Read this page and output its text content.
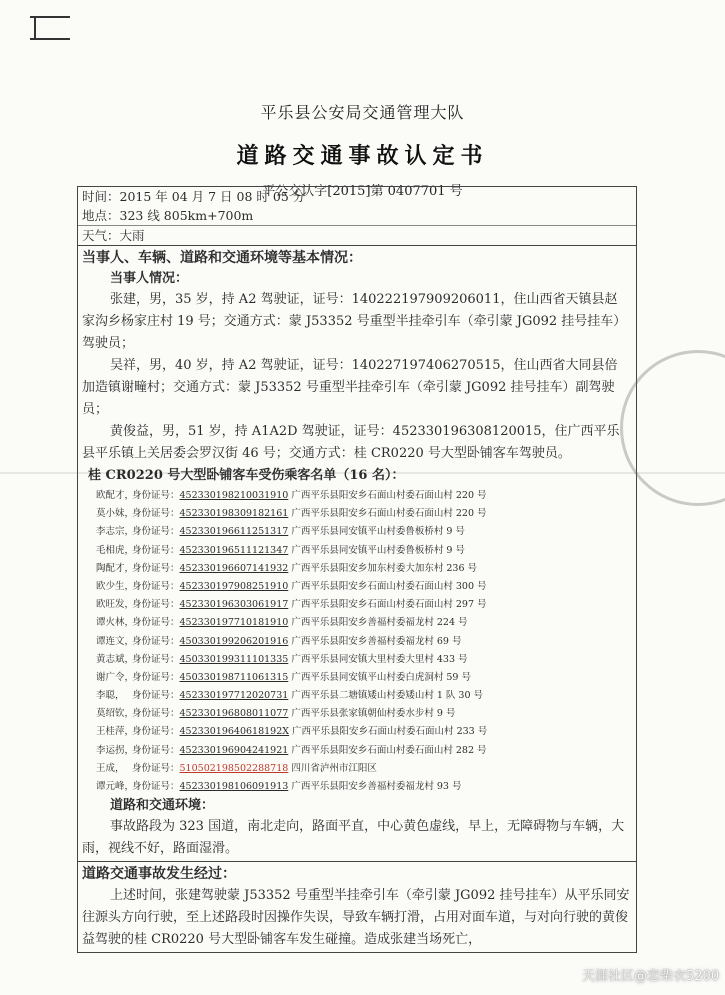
平乐县公安局交通管理大队
道路交通事故认定书
平公交认字[2015]第 0407701 号
时间：2015 年 04 月 7 日 08 时 05 分
地点：323 线 805km+700m
天气：大雨
当事人、车辆、道路和交通环境等基本情况：
当事人情况：
张建，男，35 岁，持 A2 驾驶证，证号：140222197909206011，住山西省天镇县赵家沟乡杨家庄村 19 号；交通方式：蒙 J53352 号重型半挂牵引车（牵引蒙 JG092 挂号挂车）驾驶员；
吴祥，男，40 岁，持 A2 驾驶证，证号：140227197406270515，住山西省大同县倍加造镇谢疃村；交通方式：蒙 J53352 号重型半挂牵引车（牵引蒙 JG092 挂号挂车）副驾驶员；
黄俊益，男，51 岁，持 A1A2D 驾驶证，证号：452330196308120015，住广西平乐县平乐镇上关居委会罗汉街 46 号；交通方式：桂 CR0220 号大型卧铺客车驾驶员。
桂 CR0220 号大型卧铺客车受伤乘客名单（16 名）：
欧配才，身份证号：452330198210031910 广西平乐县阳安乡石面山村委石面山村 220 号
莫小妹，身份证号：452330198309182161 广西平乐县阳安乡石面山村委石面山村 220 号
李志宗，身份证号：452330196611251317 广西平乐县同安镇平山村委鲁板桥村 9 号
毛相虎，身份证号：452330196511121347 广西平乐县同安镇平山村委鲁板桥村 9 号
陶配才，身份证号：452330196607141932 广西平乐县阳安乡加东村委大加东村 236 号
欧少生，身份证号：452330197908251910 广西平乐县阳安乡石面山村委石面山村 300 号
欧旺发，身份证号：452330196303061917 广西平乐县阳安乡石面山村委石面山村 297 号
谭火林，身份证号：452330197710181910 广西平乐县阳安乡善福村委福龙村 224 号
谭连文，身份证号：450330199206201916 广西平乐县阳安乡善福村委福龙村 69 号
黄志斌，身份证号：450330199311101335 广西平乐县同安镇大里村委大里村 433 号
谢广令，身份证号：450330198711061315 广西平乐县同安镇平山村委白虎洞村 59 号
李聪， 身份证号：452330197712020731 广西平乐县二塘镇矮山村委矮山村 1 队 30 号
莫绍钦，身份证号：452330196808011077 广西平乐县张家镇朝仙村委水步村 9 号
王桂萍，身份证号：45233019640618192X 广西平乐县阳安乡石面山村委石面山村 233 号
李运拐，身份证号：452330196904241921 广西平乐县阳安乡石面山村委石面山村 282 号
王成， 身份证号：510502198502288718 四川省泸州市江阳区
谭元峰，身份证号：452330198106091913 广西平乐县阳安乡善福村委福龙村 93 号
道路和交通环境：
事故路段为 323 国道，南北走向，路面平直，中心黄色虚线，早上，无障碍物与车辆，大雨，视线不好，路面湿滑。
道路交通事故发生经过：
上述时间，张建驾驶蒙 J53352 号重型半挂牵引车（牵引蒙 JG092 挂号挂车）从平乐同安往源头方向行驶，至上述路段时因操作失误，导致车辆打滑，占用对面车道，与对向行驶的黄俊益驾驶的桂 CR0220 号大型卧铺客车发生碰撞。造成张建当场死亡，
天涯社区@恋柴衣5200
